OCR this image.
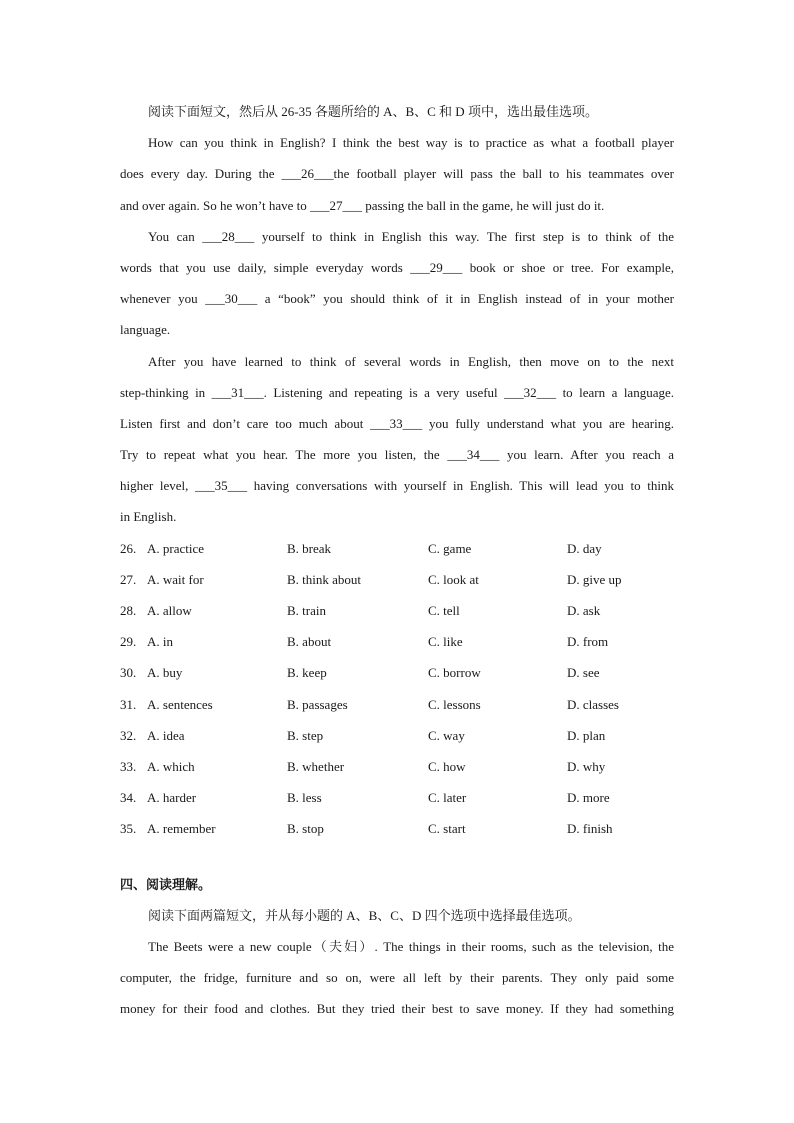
阅读下面短文，然后从 26-35 各题所给的 A、B、C 和 D 项中，选出最佳选项。
How can you think in English? I think the best way is to practice as what a football player
does every day. During the ___26___the football player will pass the ball to his teammates over
and over again. So he won’t have to ___27___ passing the ball in the game, he will just do it.
You can ___28___ yourself to think in English this way. The first step is to think of the
words that you use daily, simple everyday words ___29___ book or shoe or tree. For example,
whenever you ___30___ a “book” you should think of it in English instead of in your mother
language.
After you have learned to think of several words in English, then move on to the next
step-thinking in ___31___. Listening and repeating is a very useful ___32___ to learn a language.
Listen first and don’t care too much about ___33___ you fully understand what you are hearing.
Try to repeat what you hear. The more you listen, the ___34___ you learn. After you reach a
higher level, ___35___ having conversations with yourself in English. This will lead you to think
in English.
26. A. practice	B. break	C. game	D. day
27. A. wait for	B. think about	C. look at	D. give up
28. A. allow	B. train	C. tell	D. ask
29. A. in	B. about	C. like	D. from
30. A. buy	B. keep	C. borrow	D. see
31. A. sentences	B. passages	C. lessons	D. classes
32. A. idea	B. step	C. way	D. plan
33. A. which	B. whether	C. how	D. why
34. A. harder	B. less	C. later	D. more
35. A. remember	B. stop	C. start	D. finish
四、阅读理解。
阅读下面两篇短文，并从每小题的 A、B、C、D 四个选项中选择最佳选项。
The Beets were a new couple（夫妇）. The things in their rooms, such as the television, the
computer, the fridge, furniture and so on, were all left by their parents. They only paid some
money for their food and clothes. But they tried their best to save money. If they had something
